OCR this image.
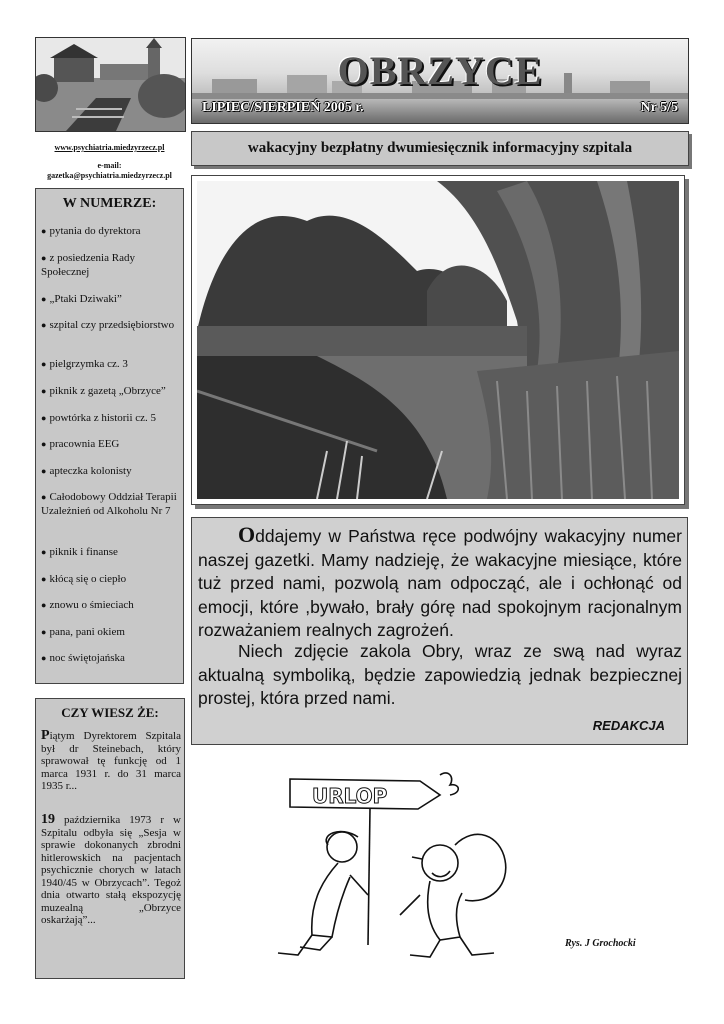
www.psychiatria.miedzyrzecz.pl
e-mail:
gazetka@psychiatria.miedzyrzecz.pl
W NUMERZE:
● pytania do dyrektora
● z posiedzenia Rady Społecznej
● „Ptaki Dziwaki”
● szpital czy przedsiębiorstwo
● pielgrzymka cz. 3
● piknik z gazetą „Obrzyce”
● powtórka z historii cz. 5
● pracownia EEG
● apteczka kolonisty
● Całodobowy Oddział Terapii Uzależnień od Alkoholu Nr 7
● piknik i finanse
● kłócą się o ciepło
● znowu o śmieciach
● pana, pani okiem
● noc świętojańska
CZY WIESZ ŻE:
Piątym Dyrektorem Szpitala był dr Steinebach, który sprawował tę funkcję od 1 marca 1931 r. do 31 marca 1935 r...
19 października 1973 r w Szpitalu odbyła się „Sesja w sprawie dokonanych zbrodni hitlerowskich na pacjentach psychicznie chorych w latach 1940/45 w Obrzycach”. Tegoż dnia otwarto stałą ekspozycję muzealną „Obrzyce oskarżają”...
OBRZYCE
LIPIEC/SIERPIEŃ 2005 r.	Nr 5/5
wakacyjny bezpłatny dwumiesięcznik informacyjny szpitala
Oddajemy w Państwa ręce podwójny wakacyjny numer naszej gazetki. Mamy nadzieję, że wakacyjne miesiące, które tuż przed nami, pozwolą nam odpocząć, ale i ochłonąć od emocji, które ,bywało, brały górę nad spokojnym racjonalnym rozważaniem realnych zagrożeń.
Niech zdjęcie zakola Obry, wraz ze swą nad wyraz aktualną symboliką, będzie zapowiedzią jednak bezpiecznej prostej, która przed nami.
REDAKCJA
URLOP
Rys. J Grochocki
